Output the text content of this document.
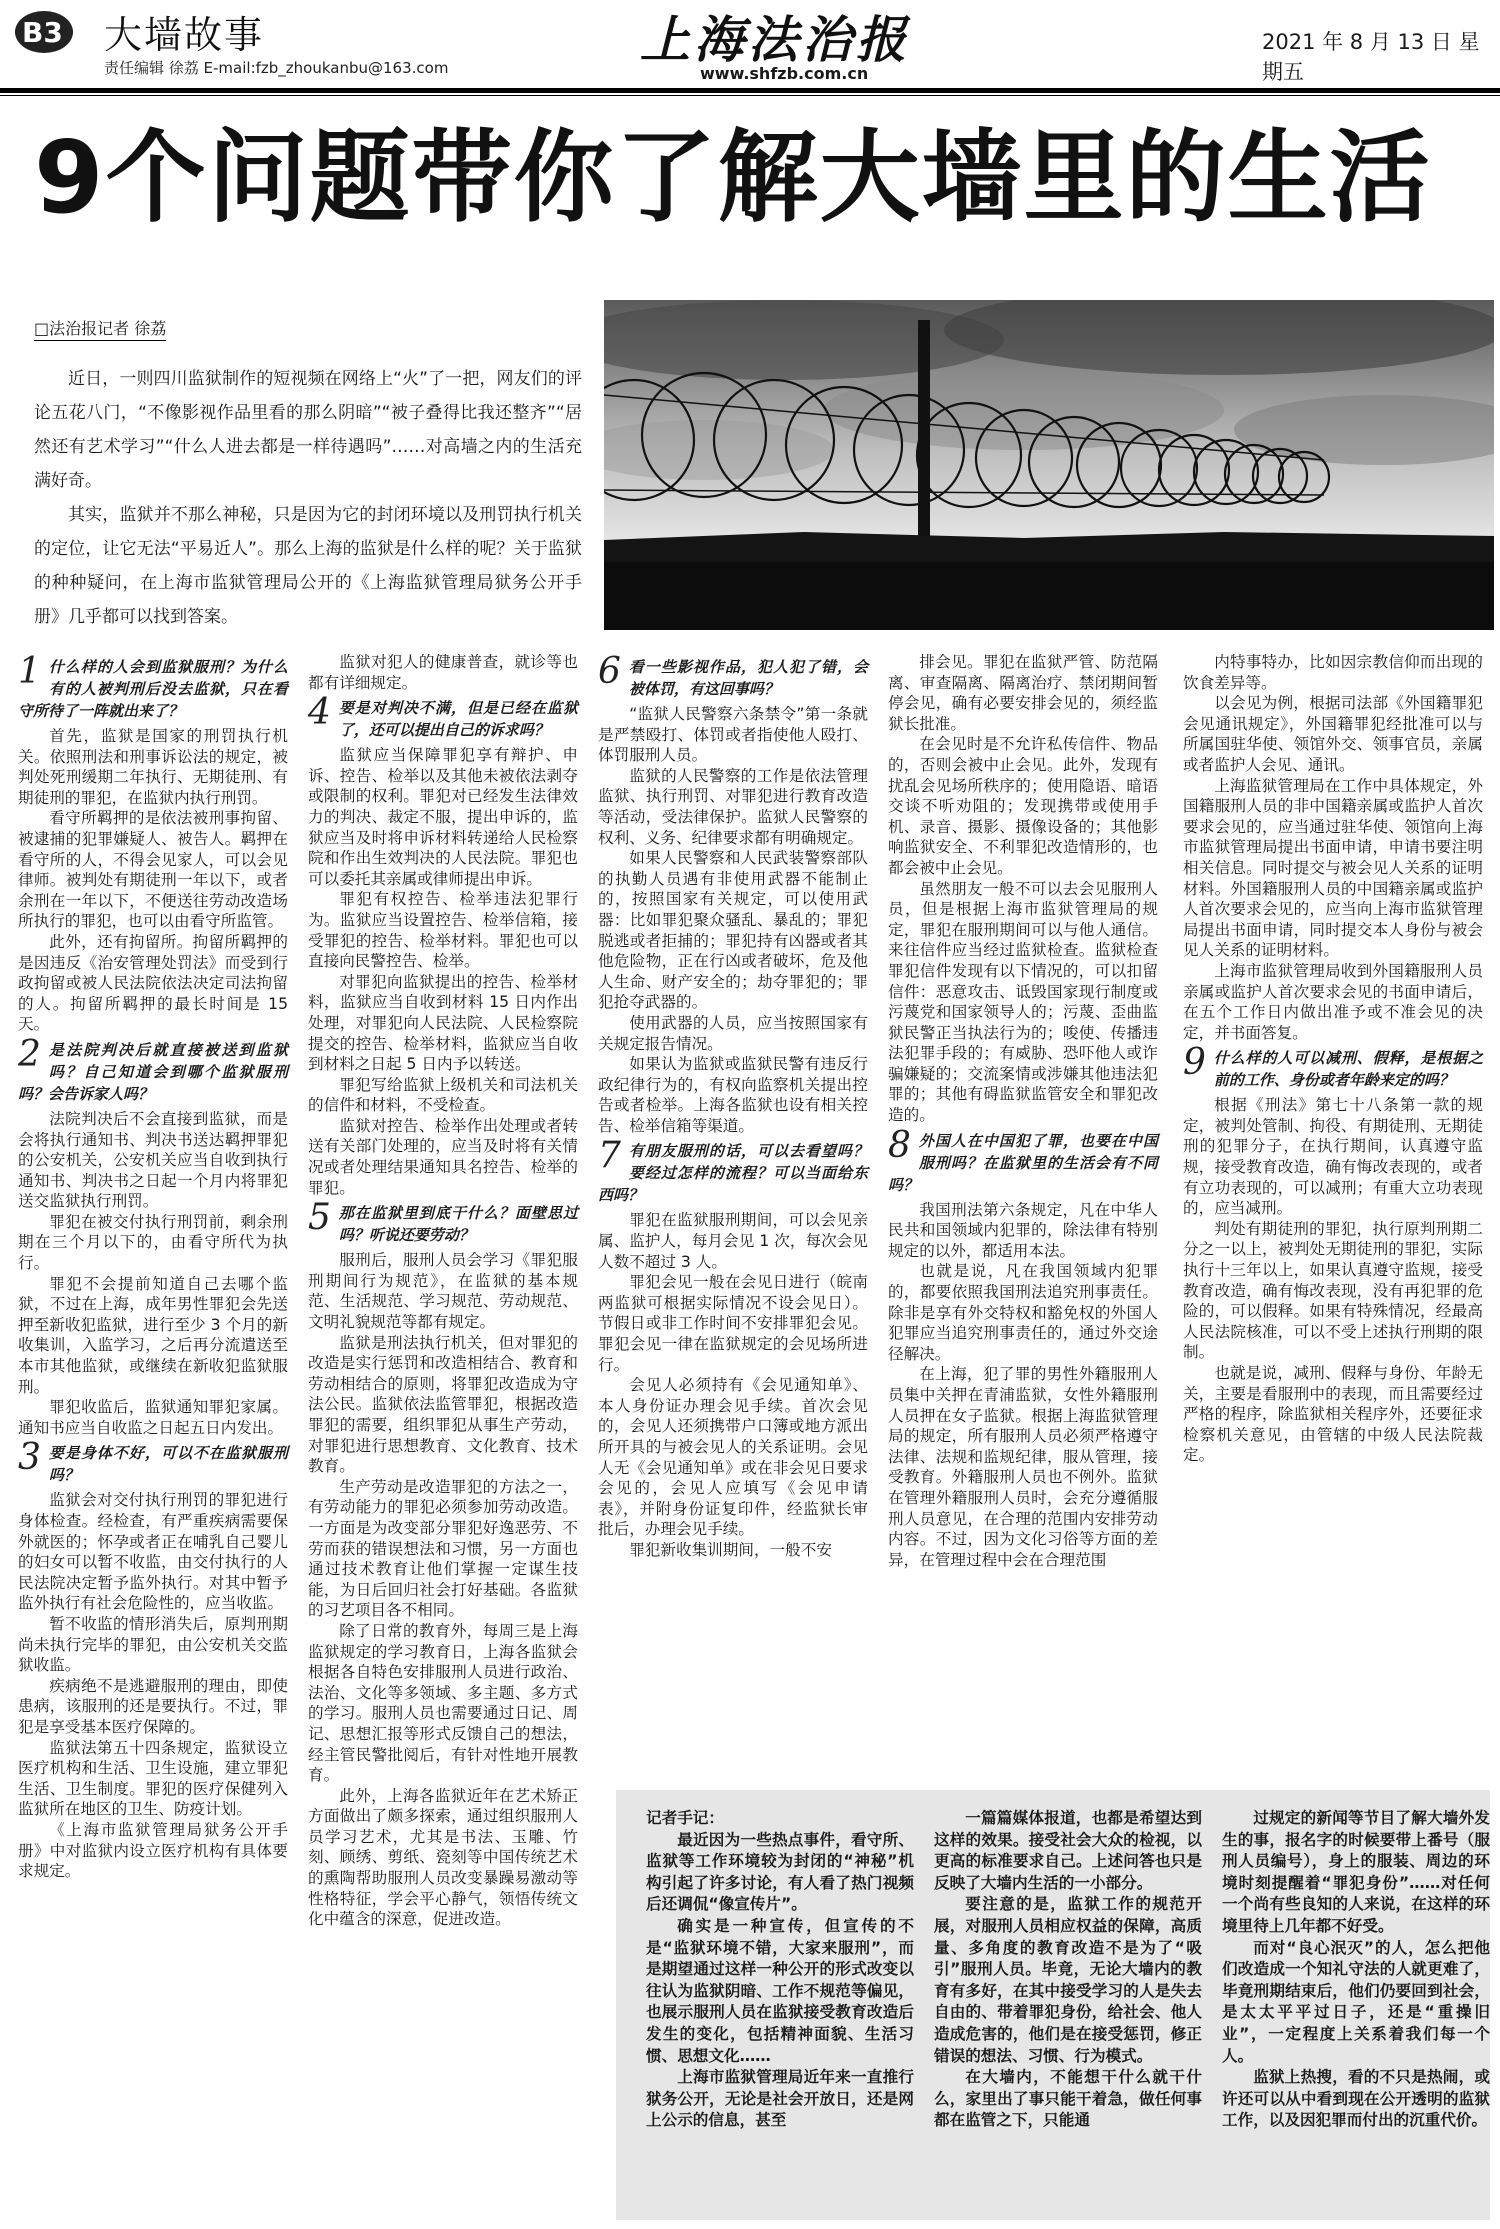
B3 大墙故事
责任编辑 徐荔 E-mail:fzb_zhoukanbu@163.com	上海法治报
www.shfzb.com.cn
2021 年 8 月 13 日 星期五
9个问题带你了解大墙里的生活
□法治报记者 徐荔

近日，一则四川监狱制作的短视频在网络上“火”了一把，网友们的评论五花八门，“不像影视作品里看的那么阴暗”“被子叠得比我还整齐”“居然还有艺术学习”“什么人进去都是一样待遇吗”……对高墙之内的生活充满好奇。

其实，监狱并不那么神秘，只是因为它的封闭环境以及刑罚执行机关的定位，让它无法“平易近人”。那么上海的监狱是什么样的呢？关于监狱的种种疑问，在上海市监狱管理局公开的《上海监狱管理局狱务公开手册》几乎都可以找到答案。

1 什么样的人会到监狱服刑？为什么有的人被判刑后没去监狱，只在看守所待了一阵就出来了？

首先，监狱是国家的刑罚执行机关。依照刑法和刑事诉讼法的规定，被判处死刑缓期二年执行、无期徒刑、有期徒刑的罪犯，在监狱内执行刑罚。

看守所羁押的是依法被刑事拘留、被逮捕的犯罪嫌疑人、被告人。羁押在看守所的人，不得会见家人，可以会见律师。被判处有期徒刑一年以下，或者余刑在一年以下，不便送往劳动改造场所执行的罪犯，也可以由看守所监管。

此外，还有拘留所。拘留所羁押的是因违反《治安管理处罚法》而受到行政拘留或被人民法院依法决定司法拘留的人。拘留所羁押的最长时间是 15 天。

2 是法院判决后就直接被送到监狱吗？自己知道会到哪个监狱服刑吗？会告诉家人吗？

法院判决后不会直接到监狱，而是会将执行通知书、判决书送达羁押罪犯的公安机关，公安机关应当自收到执行通知书、判决书之日起一个月内将罪犯送交监狱执行刑罚。

罪犯在被交付执行刑罚前，剩余刑期在三个月以下的，由看守所代为执行。

罪犯不会提前知道自己去哪个监狱，不过在上海，成年男性罪犯会先送押至新收犯监狱，进行至少 3 个月的新收集训，入监学习，之后再分流遣送至本市其他监狱，或继续在新收犯监狱服刑。

罪犯收监后，监狱通知罪犯家属。通知书应当自收监之日起五日内发出。

3 要是身体不好，可以不在监狱服刑吗？

监狱会对交付执行刑罚的罪犯进行身体检查。经检查，有严重疾病需要保外就医的；怀孕或者正在哺乳自己婴儿的妇女可以暂不收监，由交付执行的人民法院决定暂予监外执行。对其中暂予监外执行有社会危险性的，应当收监。

暂不收监的情形消失后，原判刑期尚未执行完毕的罪犯，由公安机关交监狱收监。

疾病绝不是逃避服刑的理由，即使患病，该服刑的还是要执行。不过，罪犯是享受基本医疗保障的。

监狱法第五十四条规定，监狱设立医疗机构和生活、卫生设施，建立罪犯生活、卫生制度。罪犯的医疗保健列入监狱所在地区的卫生、防疫计划。

《上海市监狱管理局狱务公开手册》中对监狱内设立医疗机构有具体要求规定。

监狱对犯人的健康普查，就诊等也都有详细规定。

4 要是对判决不满，但是已经在监狱了，还可以提出自己的诉求吗？

监狱应当保障罪犯享有辩护、申诉、控告、检举以及其他未被依法剥夺或限制的权利。罪犯对已经发生法律效力的判决、裁定不服，提出申诉的，监狱应当及时将申诉材料转递给人民检察院和作出生效判决的人民法院。罪犯也可以委托其亲属或律师提出申诉。

罪犯有权控告、检举违法犯罪行为。监狱应当设置控告、检举信箱，接受罪犯的控告、检举材料。罪犯也可以直接向民警控告、检举。

对罪犯向监狱提出的控告、检举材料，监狱应当自收到材料 15 日内作出处理，对罪犯向人民法院、人民检察院提交的控告、检举材料，监狱应当自收到材料之日起 5 日内予以转送。

罪犯写给监狱上级机关和司法机关的信件和材料，不受检查。

监狱对控告、检举作出处理或者转送有关部门处理的，应当及时将有关情况或者处理结果通知具名控告、检举的罪犯。

5 那在监狱里到底干什么？面壁思过吗？听说还要劳动？

服刑后，服刑人员会学习《罪犯服刑期间行为规范》，在监狱的基本规范、生活规范、学习规范、劳动规范、文明礼貌规范等都有规定。

监狱是刑法执行机关，但对罪犯的改造是实行惩罚和改造相结合、教育和劳动相结合的原则，将罪犯改造成为守法公民。监狱依法监管罪犯，根据改造罪犯的需要，组织罪犯从事生产劳动，对罪犯进行思想教育、文化教育、技术教育。

生产劳动是改造罪犯的方法之一，有劳动能力的罪犯必须参加劳动改造。一方面是为改变部分罪犯好逸恶劳、不劳而获的错误想法和习惯，另一方面也通过技术教育让他们掌握一定谋生技能，为日后回归社会打好基础。各监狱的习艺项目各不相同。

除了日常的教育外，每周三是上海监狱规定的学习教育日，上海各监狱会根据各自特色安排服刑人员进行政治、法治、文化等多领域、多主题、多方式的学习。服刑人员也需要通过日记、周记、思想汇报等形式反馈自己的想法，经主管民警批阅后，有针对性地开展教育。

此外，上海各监狱近年在艺术矫正方面做出了颇多探索，通过组织服刑人员学习艺术，尤其是书法、玉雕、竹刻、顾绣、剪纸、瓷刻等中国传统艺术的熏陶帮助服刑人员改变暴躁易激动等性格特征，学会平心静气，领悟传统文化中蕴含的深意，促进改造。

6 看一些影视作品，犯人犯了错，会被体罚，有这回事吗？

“监狱人民警察六条禁令”第一条就是严禁殴打、体罚或者指使他人殴打、体罚服刑人员。

监狱的人民警察的工作是依法管理监狱、执行刑罚、对罪犯进行教育改造等活动，受法律保护。监狱人民警察的权利、义务、纪律要求都有明确规定。

如果人民警察和人民武装警察部队的执勤人员遇有非使用武器不能制止的，按照国家有关规定，可以使用武器：比如罪犯聚众骚乱、暴乱的；罪犯脱逃或者拒捕的；罪犯持有凶器或者其他危险物，正在行凶或者破坏，危及他人生命、财产安全的；劫夺罪犯的；罪犯抢夺武器的。

使用武器的人员，应当按照国家有关规定报告情况。

如果认为监狱或监狱民警有违反行政纪律行为的，有权向监察机关提出控告或者检举。上海各监狱也设有相关控告、检举信箱等渠道。

7 有朋友服刑的话，可以去看望吗？要经过怎样的流程？可以当面给东西吗？

罪犯在监狱服刑期间，可以会见亲属、监护人，每月会见 1 次，每次会见人数不超过 3 人。

罪犯会见一般在会见日进行（皖南两监狱可根据实际情况不设会见日）。节假日或非工作时间不安排罪犯会见。罪犯会见一律在监狱规定的会见场所进行。

会见人必须持有《会见通知单》、本人身份证办理会见手续。首次会见的，会见人还须携带户口簿或地方派出所开具的与被会见人的关系证明。会见人无《会见通知单》或在非会见日要求会见的，会见人应填写《会见申请表》，并附身份证复印件，经监狱长审批后，办理会见手续。

罪犯新收集训期间，一般不安

排会见。罪犯在监狱严管、防范隔离、审查隔离、隔离治疗、禁闭期间暂停会见，确有必要安排会见的，须经监狱长批准。

在会见时是不允许私传信件、物品的，否则会被中止会见。此外，发现有扰乱会见场所秩序的；使用隐语、暗语交谈不听劝阻的；发现携带或使用手机、录音、摄影、摄像设备的；其他影响监狱安全、不利罪犯改造情形的，也都会被中止会见。

虽然朋友一般不可以去会见服刑人员，但是根据上海市监狱管理局的规定，罪犯在服刑期间可以与他人通信。来往信件应当经过监狱检查。监狱检查罪犯信件发现有以下情况的，可以扣留信件：恶意攻击、诋毁国家现行制度或污蔑党和国家领导人的；污蔑、歪曲监狱民警正当执法行为的；唆使、传播违法犯罪手段的；有威胁、恐吓他人或诈骗嫌疑的；交流案情或涉嫌其他违法犯罪的；其他有碍监狱监管安全和罪犯改造的。

8 外国人在中国犯了罪，也要在中国服刑吗？在监狱里的生活会有不同吗？

我国刑法第六条规定，凡在中华人民共和国领域内犯罪的，除法律有特别规定的以外，都适用本法。

也就是说，凡在我国领域内犯罪的，都要依照我国刑法追究刑事责任。除非是享有外交特权和豁免权的外国人犯罪应当追究刑事责任的，通过外交途径解决。

在上海，犯了罪的男性外籍服刑人员集中关押在青浦监狱，女性外籍服刑人员押在女子监狱。根据上海监狱管理局的规定，所有服刑人员必须严格遵守法律、法规和监规纪律，服从管理，接受教育。外籍服刑人员也不例外。监狱在管理外籍服刑人员时，会充分遵循服刑人员意见，在合理的范围内安排劳动内容。不过，因为文化习俗等方面的差异，在管理过程中会在合理范围

内特事特办，比如因宗教信仰而出现的饮食差异等。

以会见为例，根据司法部《外国籍罪犯会见通讯规定》，外国籍罪犯经批准可以与所属国驻华使、领馆外交、领事官员，亲属或者监护人会见、通讯。

上海监狱管理局在工作中具体规定，外国籍服刑人员的非中国籍亲属或监护人首次要求会见的，应当通过驻华使、领馆向上海市监狱管理局提出书面申请，申请书要注明相关信息。同时提交与被会见人关系的证明材料。外国籍服刑人员的中国籍亲属或监护人首次要求会见的，应当向上海市监狱管理局提出书面申请，同时提交本人身份与被会见人关系的证明材料。

上海市监狱管理局收到外国籍服刑人员亲属或监护人首次要求会见的书面申请后，在五个工作日内做出准予或不准会见的决定，并书面答复。

9 什么样的人可以减刑、假释，是根据之前的工作、身份或者年龄来定的吗？

根据《刑法》第七十八条第一款的规定，被判处管制、拘役、有期徒刑、无期徒刑的犯罪分子，在执行期间，认真遵守监规，接受教育改造，确有悔改表现的，或者有立功表现的，可以减刑；有重大立功表现的，应当减刑。

判处有期徒刑的罪犯，执行原判刑期二分之一以上，被判处无期徒刑的罪犯，实际执行十三年以上，如果认真遵守监规，接受教育改造，确有悔改表现，没有再犯罪的危险的，可以假释。如果有特殊情况，经最高人民法院核准，可以不受上述执行刑期的限制。

也就是说，减刑、假释与身份、年龄无关，主要是看服刑中的表现，而且需要经过严格的程序，除监狱相关程序外，还要征求检察机关意见，由管辖的中级人民法院裁定。

记者手记：

最近因为一些热点事件，看守所、监狱等工作环境较为封闭的“神秘”机构引起了许多讨论，有人看了热门视频后还调侃“像宣传片”。

确实是一种宣传，但宣传的不是“监狱环境不错，大家来服刑”，而是期望通过这样一种公开的形式改变以往认为监狱阴暗、工作不规范等偏见，也展示服刑人员在监狱接受教育改造后发生的变化，包括精神面貌、生活习惯、思想文化……

上海市监狱管理局近年来一直推行狱务公开，无论是社会开放日，还是网上公示的信息，甚至

一篇篇媒体报道，也都是希望达到这样的效果。接受社会大众的检视，以更高的标准要求自己。上述问答也只是反映了大墙内生活的一小部分。

要注意的是，监狱工作的规范开展，对服刑人员相应权益的保障，高质量、多角度的教育改造不是为了“吸引”服刑人员。毕竟，无论大墙内的教育有多好，在其中接受学习的人是失去自由的、带着罪犯身份，给社会、他人造成危害的，他们是在接受惩罚，修正错误的想法、习惯、行为模式。

在大墙内，不能想干什么就干什么，家里出了事只能干着急，做任何事都在监管之下，只能通

过规定的新闻等节目了解大墙外发生的事，报名字的时候要带上番号（服刑人员编号），身上的服装、周边的环境时刻提醒着“罪犯身份”……对任何一个尚有些良知的人来说，在这样的环境里待上几年都不好受。

而对“良心泯灭”的人，怎么把他们改造成一个知礼守法的人就更难了，毕竟刑期结束后，他们仍要回到社会，是太太平平过日子，还是“重操旧业”，一定程度上关系着我们每一个人。

监狱上热搜，看的不只是热闹，或许还可以从中看到现在公开透明的监狱工作，以及因犯罪而付出的沉重代价。
